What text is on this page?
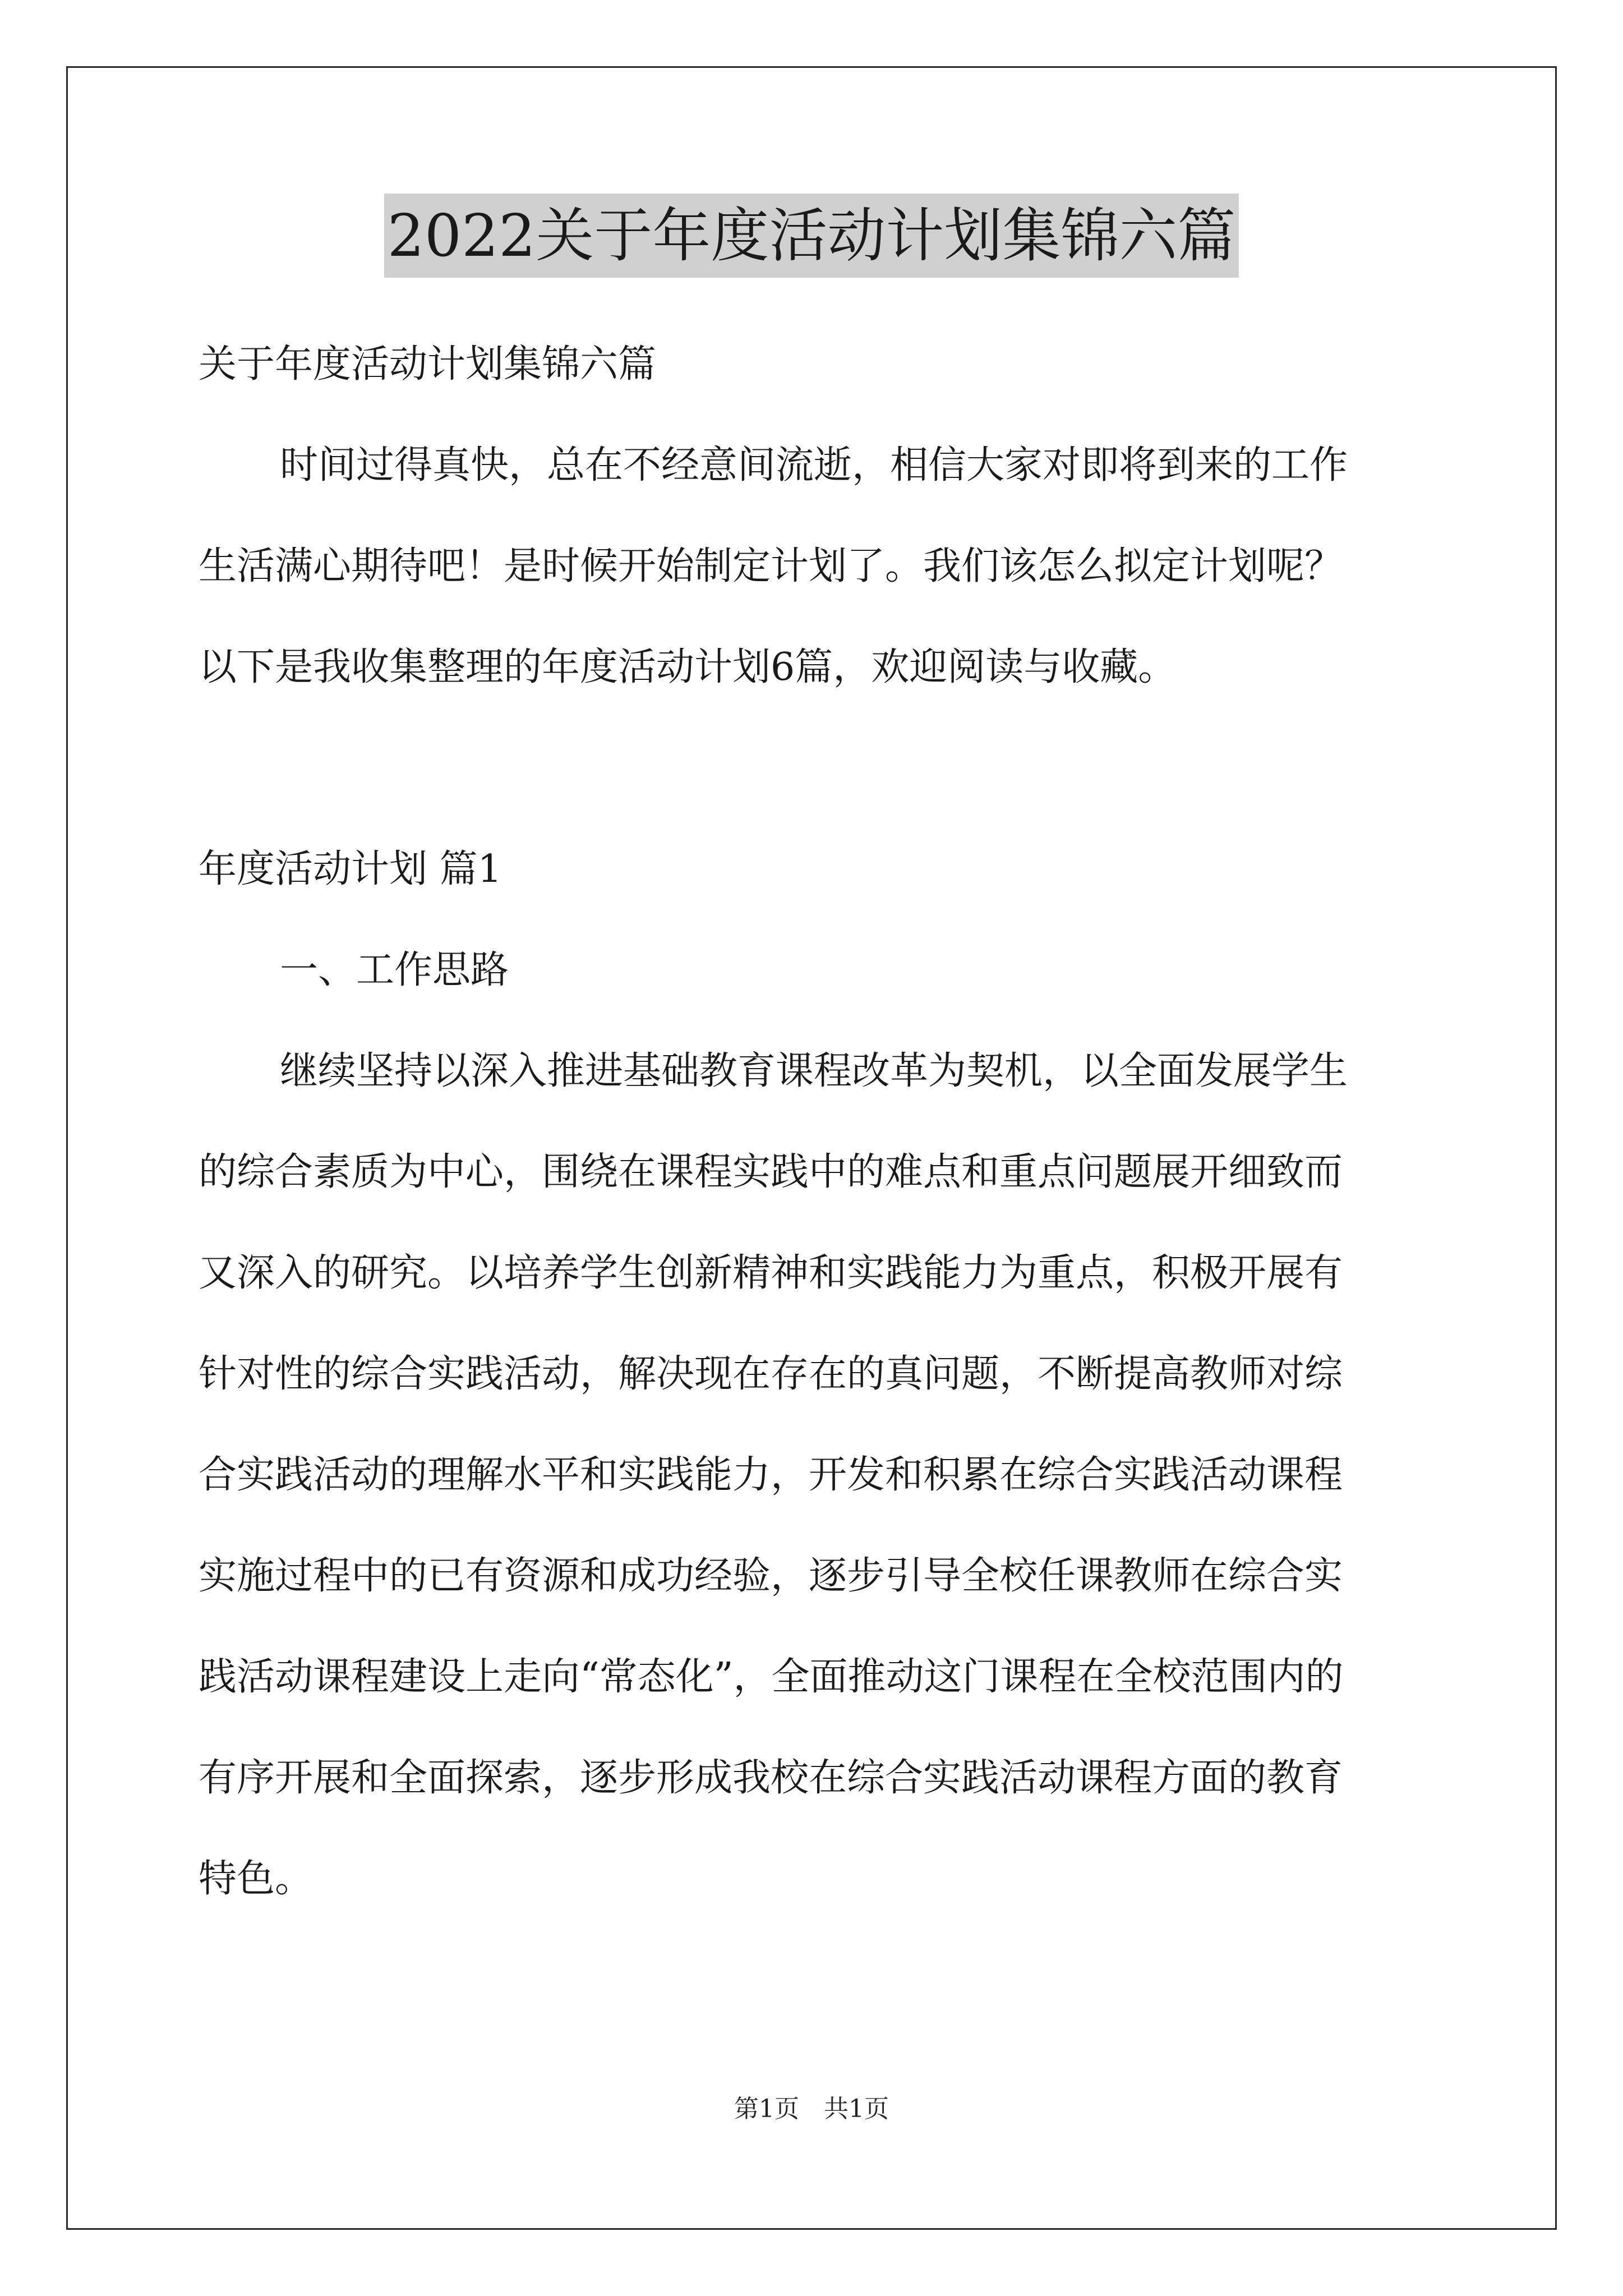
2022关于年度活动计划集锦六篇
关于年度活动计划集锦六篇
时间过得真快，总在不经意间流逝，相信大家对即将到来的工作
生活满心期待吧！是时候开始制定计划了。我们该怎么拟定计划呢？
以下是我收集整理的年度活动计划6篇，欢迎阅读与收藏。
年度活动计划 篇1
一、工作思路
继续坚持以深入推进基础教育课程改革为契机，以全面发展学生
的综合素质为中心，围绕在课程实践中的难点和重点问题展开细致而
又深入的研究。以培养学生创新精神和实践能力为重点，积极开展有
针对性的综合实践活动，解决现在存在的真问题，不断提高教师对综
合实践活动的理解水平和实践能力，开发和积累在综合实践活动课程
实施过程中的已有资源和成功经验，逐步引导全校任课教师在综合实
践活动课程建设上走向“常态化”，全面推动这门课程在全校范围内的
有序开展和全面探索，逐步形成我校在综合实践活动课程方面的教育
特色。
第1页 共1页
